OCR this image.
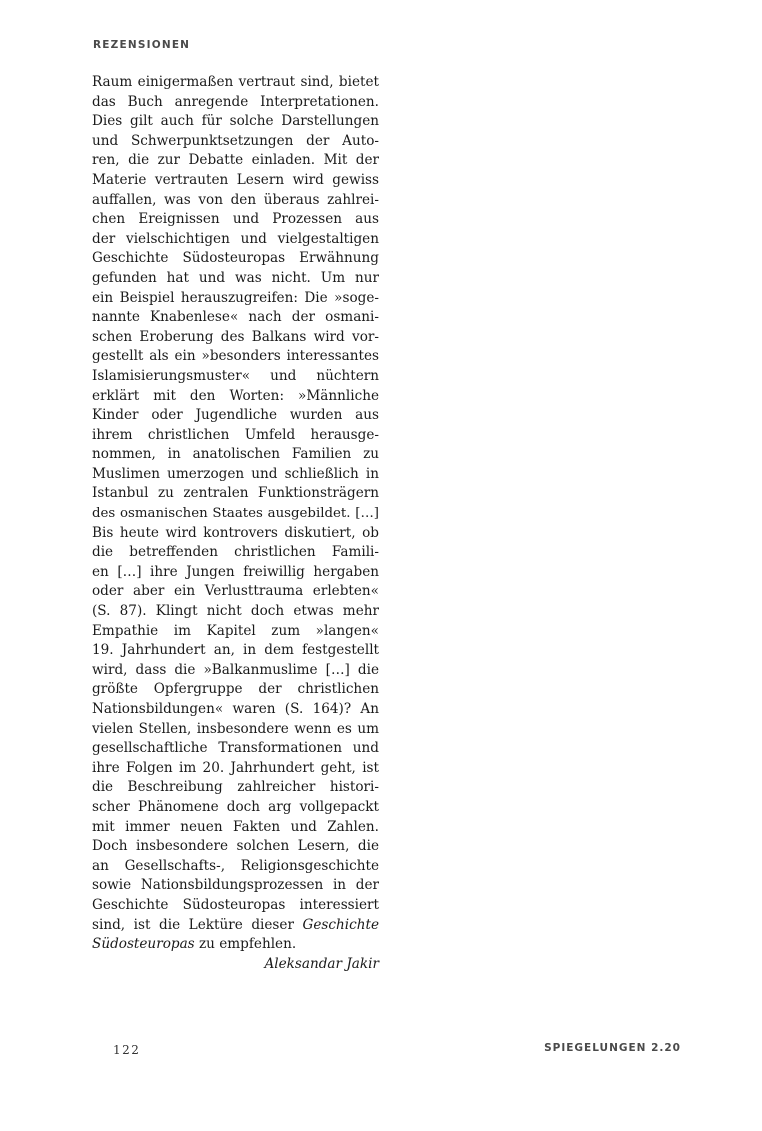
REZENSIONEN
Raum einigermaßen vertraut sind, bietet
das Buch anregende Interpretationen.
Dies gilt auch für solche Darstellungen
und Schwerpunktsetzungen der Auto-
ren, die zur Debatte einladen. Mit der
Materie vertrauten Lesern wird gewiss
auffallen, was von den überaus zahlrei-
chen Ereignissen und Prozessen aus
der vielschichtigen und vielgestaltigen
Geschichte Südosteuropas Erwähnung
gefunden hat und was nicht. Um nur
ein Beispiel herauszugreifen: Die »soge-
nannte Knabenlese« nach der osmani-
schen Eroberung des Balkans wird vor-
gestellt als ein »besonders interessantes
Islamisierungsmuster« und nüchtern
erklärt mit den Worten: »Männliche
Kinder oder Jugendliche wurden aus
ihrem christlichen Umfeld herausge-
nommen, in anatolischen Familien zu
Muslimen umerzogen und schließlich in
Istanbul zu zentralen Funktionsträgern
des osmanischen Staates ausgebildet. […]
Bis heute wird kontrovers diskutiert, ob
die betreffenden christlichen Famili-
en […] ihre Jungen freiwillig hergaben
oder aber ein Verlusttrauma erlebten«
(S. 87). Klingt nicht doch etwas mehr
Empathie im Kapitel zum »langen«
19. Jahrhundert an, in dem festgestellt
wird, dass die »Balkanmuslime […] die
größte Opfergruppe der christlichen
Nationsbildungen« waren (S. 164)? An
vielen Stellen, insbesondere wenn es um
gesellschaftliche Transformationen und
ihre Folgen im 20. Jahrhundert geht, ist
die Beschreibung zahlreicher histori-
scher Phänomene doch arg vollgepackt
mit immer neuen Fakten und Zahlen.
Doch insbesondere solchen Lesern, die
an Gesellschafts-, Religionsgeschichte
sowie Nationsbildungsprozessen in der
Geschichte Südosteuropas interessiert
sind, ist die Lektüre dieser Geschichte
Südosteuropas zu empfehlen.
Aleksandar Jakir
122	SPIEGELUNGEN 2.20
